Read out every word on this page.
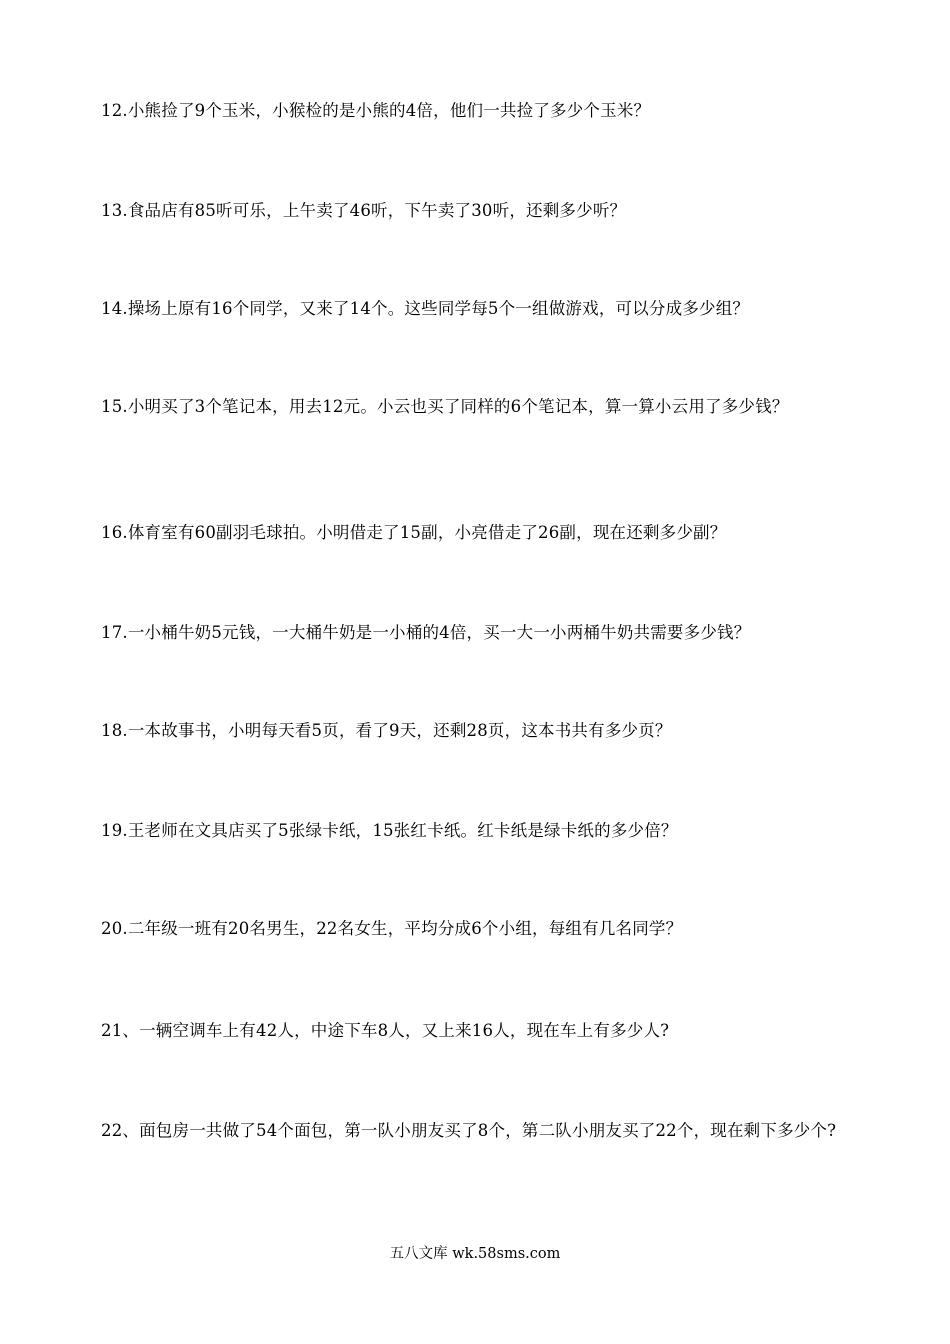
12.小熊捡了9个玉米，小猴检的是小熊的4倍，他们一共捡了多少个玉米？

13.食品店有85听可乐，上午卖了46听，下午卖了30听，还剩多少听？

14.操场上原有16个同学，又来了14个。这些同学每5个一组做游戏，可以分成多少组？

15.小明买了3个笔记本，用去12元。小云也买了同样的6个笔记本，算一算小云用了多少钱？

16.体育室有60副羽毛球拍。小明借走了15副，小亮借走了26副，现在还剩多少副？

17.一小桶牛奶5元钱，一大桶牛奶是一小桶的4倍，买一大一小两桶牛奶共需要多少钱？

18.一本故事书，小明每天看5页，看了9天，还剩28页，这本书共有多少页？

19.王老师在文具店买了5张绿卡纸，15张红卡纸。红卡纸是绿卡纸的多少倍？

20.二年级一班有20名男生，22名女生，平均分成6个小组，每组有几名同学？

21、一辆空调车上有42人，中途下车8人，又上来16人，现在车上有多少人?

22、面包房一共做了54个面包，第一队小朋友买了8个，第二队小朋友买了22个，现在剩下多少个?

五八文库 wk.58sms.com
